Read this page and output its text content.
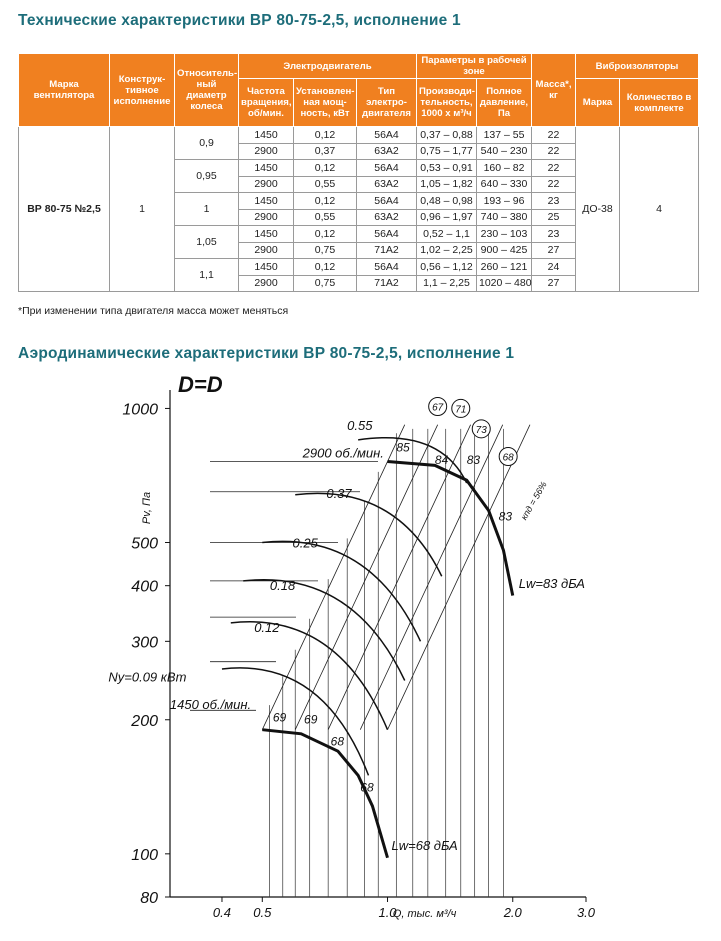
Технические характеристики ВР 80-75-2,5, исполнение 1
Марка вентилятора	Конструк-тивное исполнение	Относитель-ный диаметр колеса	Электродвигатель			Параметры в рабочей зоне		Масса*, кг	Виброизоляторы	
			Частота вращения, об/мин.	Установлен-ная мощ-ность, кВт	Тип электро-двигателя	Производи-тельность, 1000 х м³/ч	Полное давление, Па		Марка	Количество в комплекте
ВР 80-75 №2,5	1	0,9	1450	0,12	56А4	0,37 – 0,88	137 – 55	22	ДО-38	4
			2900	0,37	63А2	0,75 – 1,77	540 – 230	22		
		0,95	1450	0,12	56А4	0,53 – 0,91	160 – 82	22		
			2900	0,55	63А2	1,05 – 1,82	640 – 330	22		
		1	1450	0,12	56А4	0,48 – 0,98	193 – 96	23		
			2900	0,55	63А2	0,96 – 1,97	740 – 380	25		
		1,05	1450	0,12	56А4	0,52 – 1,1	230 – 103	23		
			2900	0,75	71А2	1,02 – 2,25	900 – 425	27		
		1,1	1450	0,12	56А4	0,56 – 1,12	260 – 121	24		
			2900	0,75	71А2	1,1 – 2,25	1020 – 480	27		
*При изменении типа двигателя масса может меняться
Аэродинамические характеристики ВР 80-75-2,5, исполнение 1
D=D
80
100
200
300
400
500
1000
0.4 0.5	1.0	2.0	3.0
Q, тыс. м³/ч
Pv, Па
0.55
0.37
0.25
0.18
0.12
Ny=0.09 кВт
2900 об./мин.
1450 об./мин.
Lw=83 дБА
Lw=68 дБА
85
84 83
83
69 69
68
68
67 71
73
68
кпд = 56%
